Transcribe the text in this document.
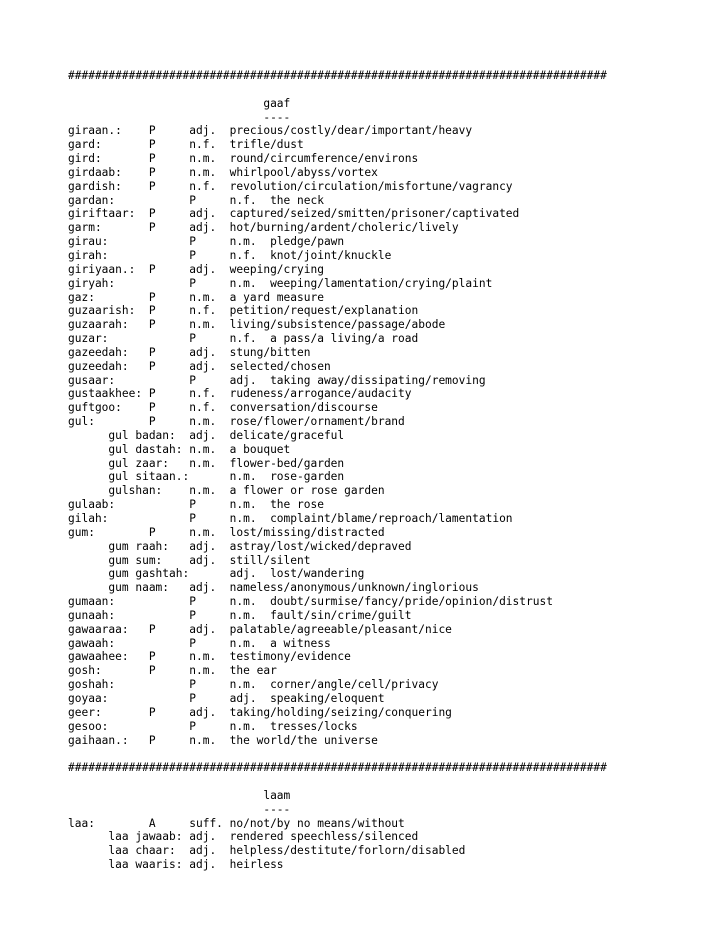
################################################################################

gaaf
----
giraan.:    P     adj.  precious/costly/dear/important/heavy
gard:       P     n.f.  trifle/dust
gird:       P     n.m.  round/circumference/environs
girdaab:    P     n.m.  whirlpool/abyss/vortex
gardish:    P     n.f.  revolution/circulation/misfortune/vagrancy
gardan:           P     n.f.  the neck
giriftaar:  P     adj.  captured/seized/smitten/prisoner/captivated
garm:       P     adj.  hot/burning/ardent/choleric/lively
girau:            P     n.m.  pledge/pawn
girah:            P     n.f.  knot/joint/knuckle
giriyaan.:  P     adj.  weeping/crying
giryah:           P     n.m.  weeping/lamentation/crying/plaint
gaz:        P     n.m.  a yard measure
guzaarish:  P     n.f.  petition/request/explanation
guzaarah:   P     n.m.  living/subsistence/passage/abode
guzar:            P     n.f.  a pass/a living/a road
gazeedah:   P     adj.  stung/bitten
guzeedah:   P     adj.  selected/chosen
gusaar:           P     adj.  taking away/dissipating/removing
gustaakhee: P     n.f.  rudeness/arrogance/audacity
guftgoo:    P     n.f.  conversation/discourse
gul:        P     n.m.  rose/flower/ornament/brand
gul badan:  adj.  delicate/graceful
gul dastah: n.m.  a bouquet
gul zaar:   n.m.  flower-bed/garden
gul sitaan.:      n.m.  rose-garden
gulshan:    n.m.  a flower or rose garden
gulaab:           P     n.m.  the rose
gilah:            P     n.m.  complaint/blame/reproach/lamentation
gum:        P     n.m.  lost/missing/distracted
gum raah:   adj.  astray/lost/wicked/depraved
gum sum:    adj.  still/silent
gum gashtah:      adj.  lost/wandering
gum naam:   adj.  nameless/anonymous/unknown/inglorious
gumaan:           P     n.m.  doubt/surmise/fancy/pride/opinion/distrust
gunaah:           P     n.m.  fault/sin/crime/guilt
gawaaraa:   P     adj.  palatable/agreeable/pleasant/nice
gawaah:           P     n.m.  a witness
gawaahee:   P     n.m.  testimony/evidence
gosh:       P     n.m.  the ear
goshah:           P     n.m.  corner/angle/cell/privacy
goyaa:            P     adj.  speaking/eloquent
geer:       P     adj.  taking/holding/seizing/conquering
gesoo:            P     n.m.  tresses/locks
gaihaan.:   P     n.m.  the world/the universe

################################################################################

laam
----
laa:        A     suff. no/not/by no means/without
laa jawaab: adj.  rendered speechless/silenced
laa chaar:  adj.  helpless/destitute/forlorn/disabled
laa waaris: adj.  heirless
